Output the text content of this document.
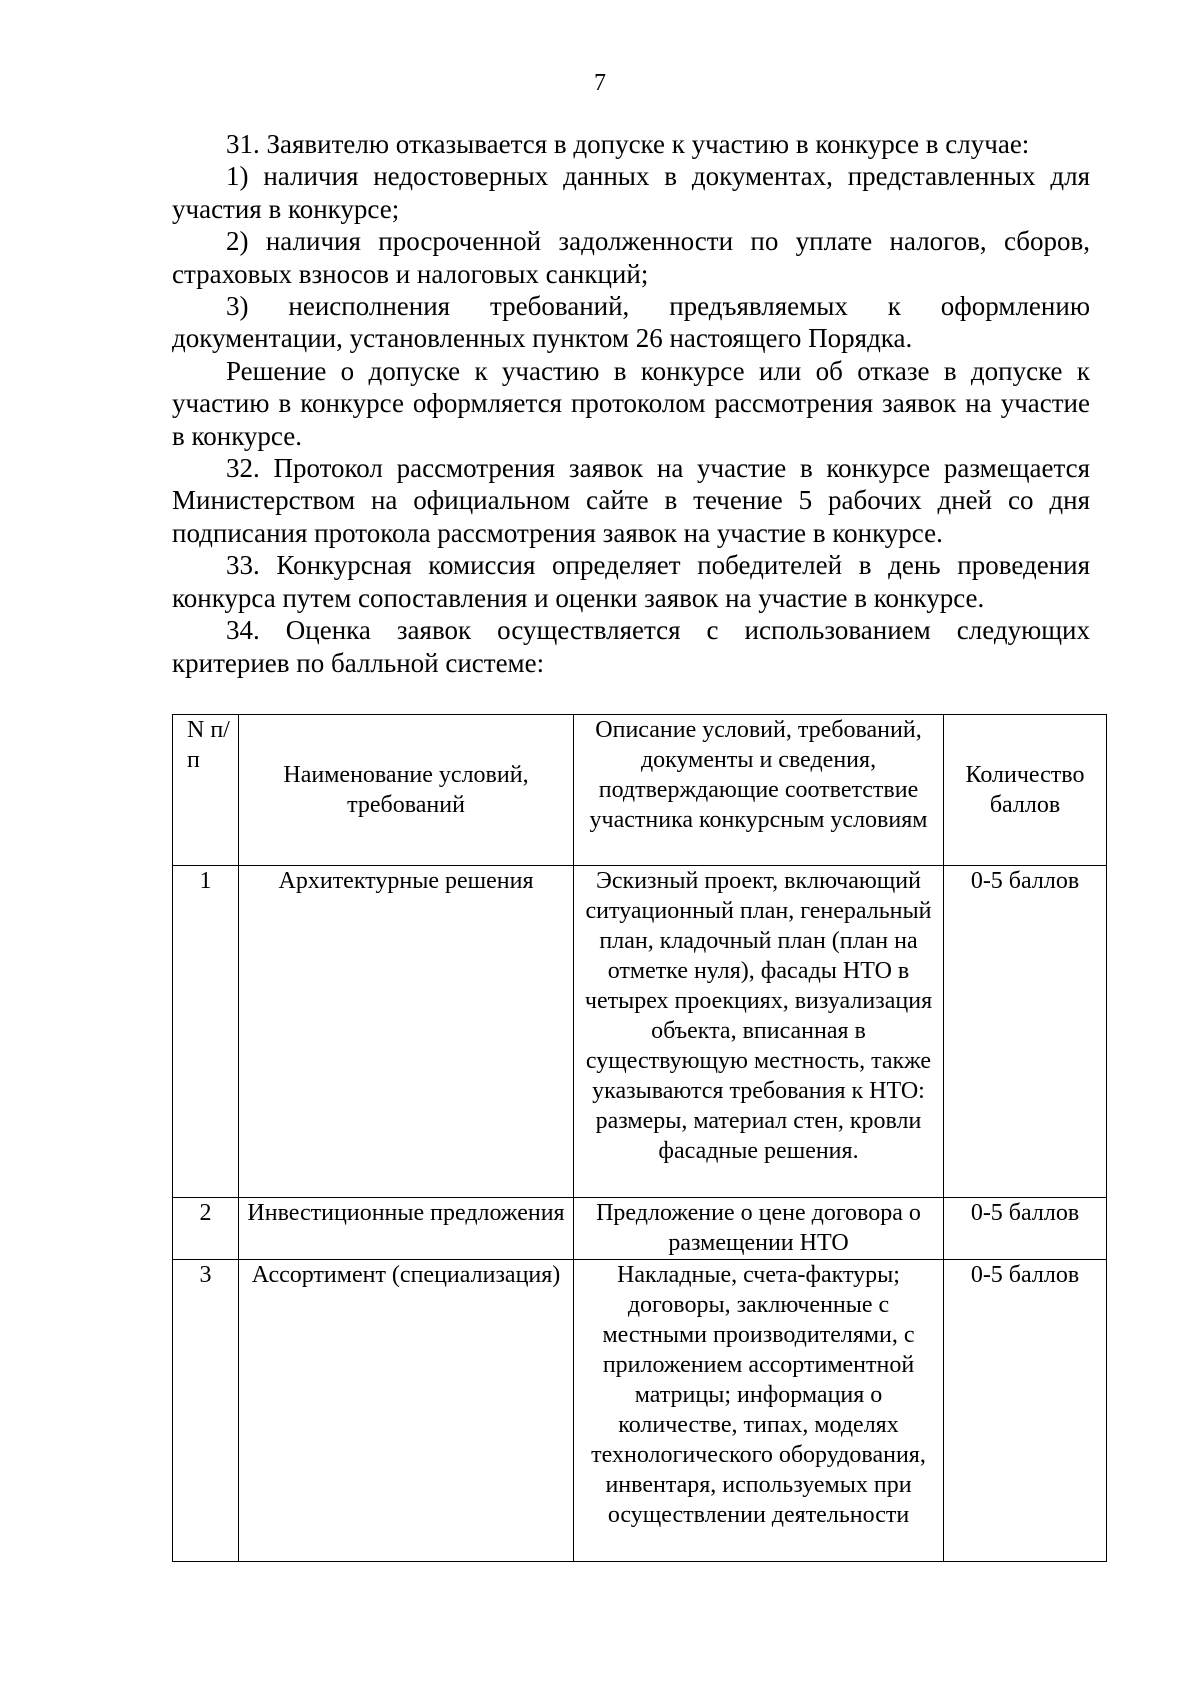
7

31. Заявителю отказывается в допуске к участию в конкурсе в случае:

1) наличия недостоверных данных в документах, представленных для участия в конкурсе;

2) наличия просроченной задолженности по уплате налогов, сборов, страховых взносов и налоговых санкций;

3) неисполнения требований, предъявляемых к оформлению документации, установленных пунктом 26 настоящего Порядка.

Решение о допуске к участию в конкурсе или об отказе в допуске к участию в конкурсе оформляется протоколом рассмотрения заявок на участие в конкурсе.

32. Протокол рассмотрения заявок на участие в конкурсе размещается Министерством на официальном сайте в течение 5 рабочих дней со дня подписания протокола рассмотрения заявок на участие в конкурсе.

33. Конкурсная комиссия определяет победителей в день проведения конкурса путем сопоставления и оценки заявок на участие в конкурсе.

34. Оценка заявок осуществляется с использованием следующих критериев по балльной системе:

N п/п	Наименование условий, требований	Описание условий, требований, документы и сведения, подтверждающие соответствие участника конкурсным условиям	Количество баллов
1	Архитектурные решения	Эскизный проект, включающий ситуационный план, генеральный план, кладочный план (план на отметке нуля), фасады НТО в четырех проекциях, визуализация объекта, вписанная в существующую местность, также указываются требования к НТО: размеры, материал стен, кровли фасадные решения.	0-5 баллов
2	Инвестиционные предложения	Предложение о цене договора о размещении НТО	0-5 баллов
3	Ассортимент (специализация)	Накладные, счета-фактуры; договоры, заключенные с местными производителями, с приложением ассортиментной матрицы; информация о количестве, типах, моделях технологического оборудования, инвентаря, используемых при осуществлении деятельности	0-5 баллов
